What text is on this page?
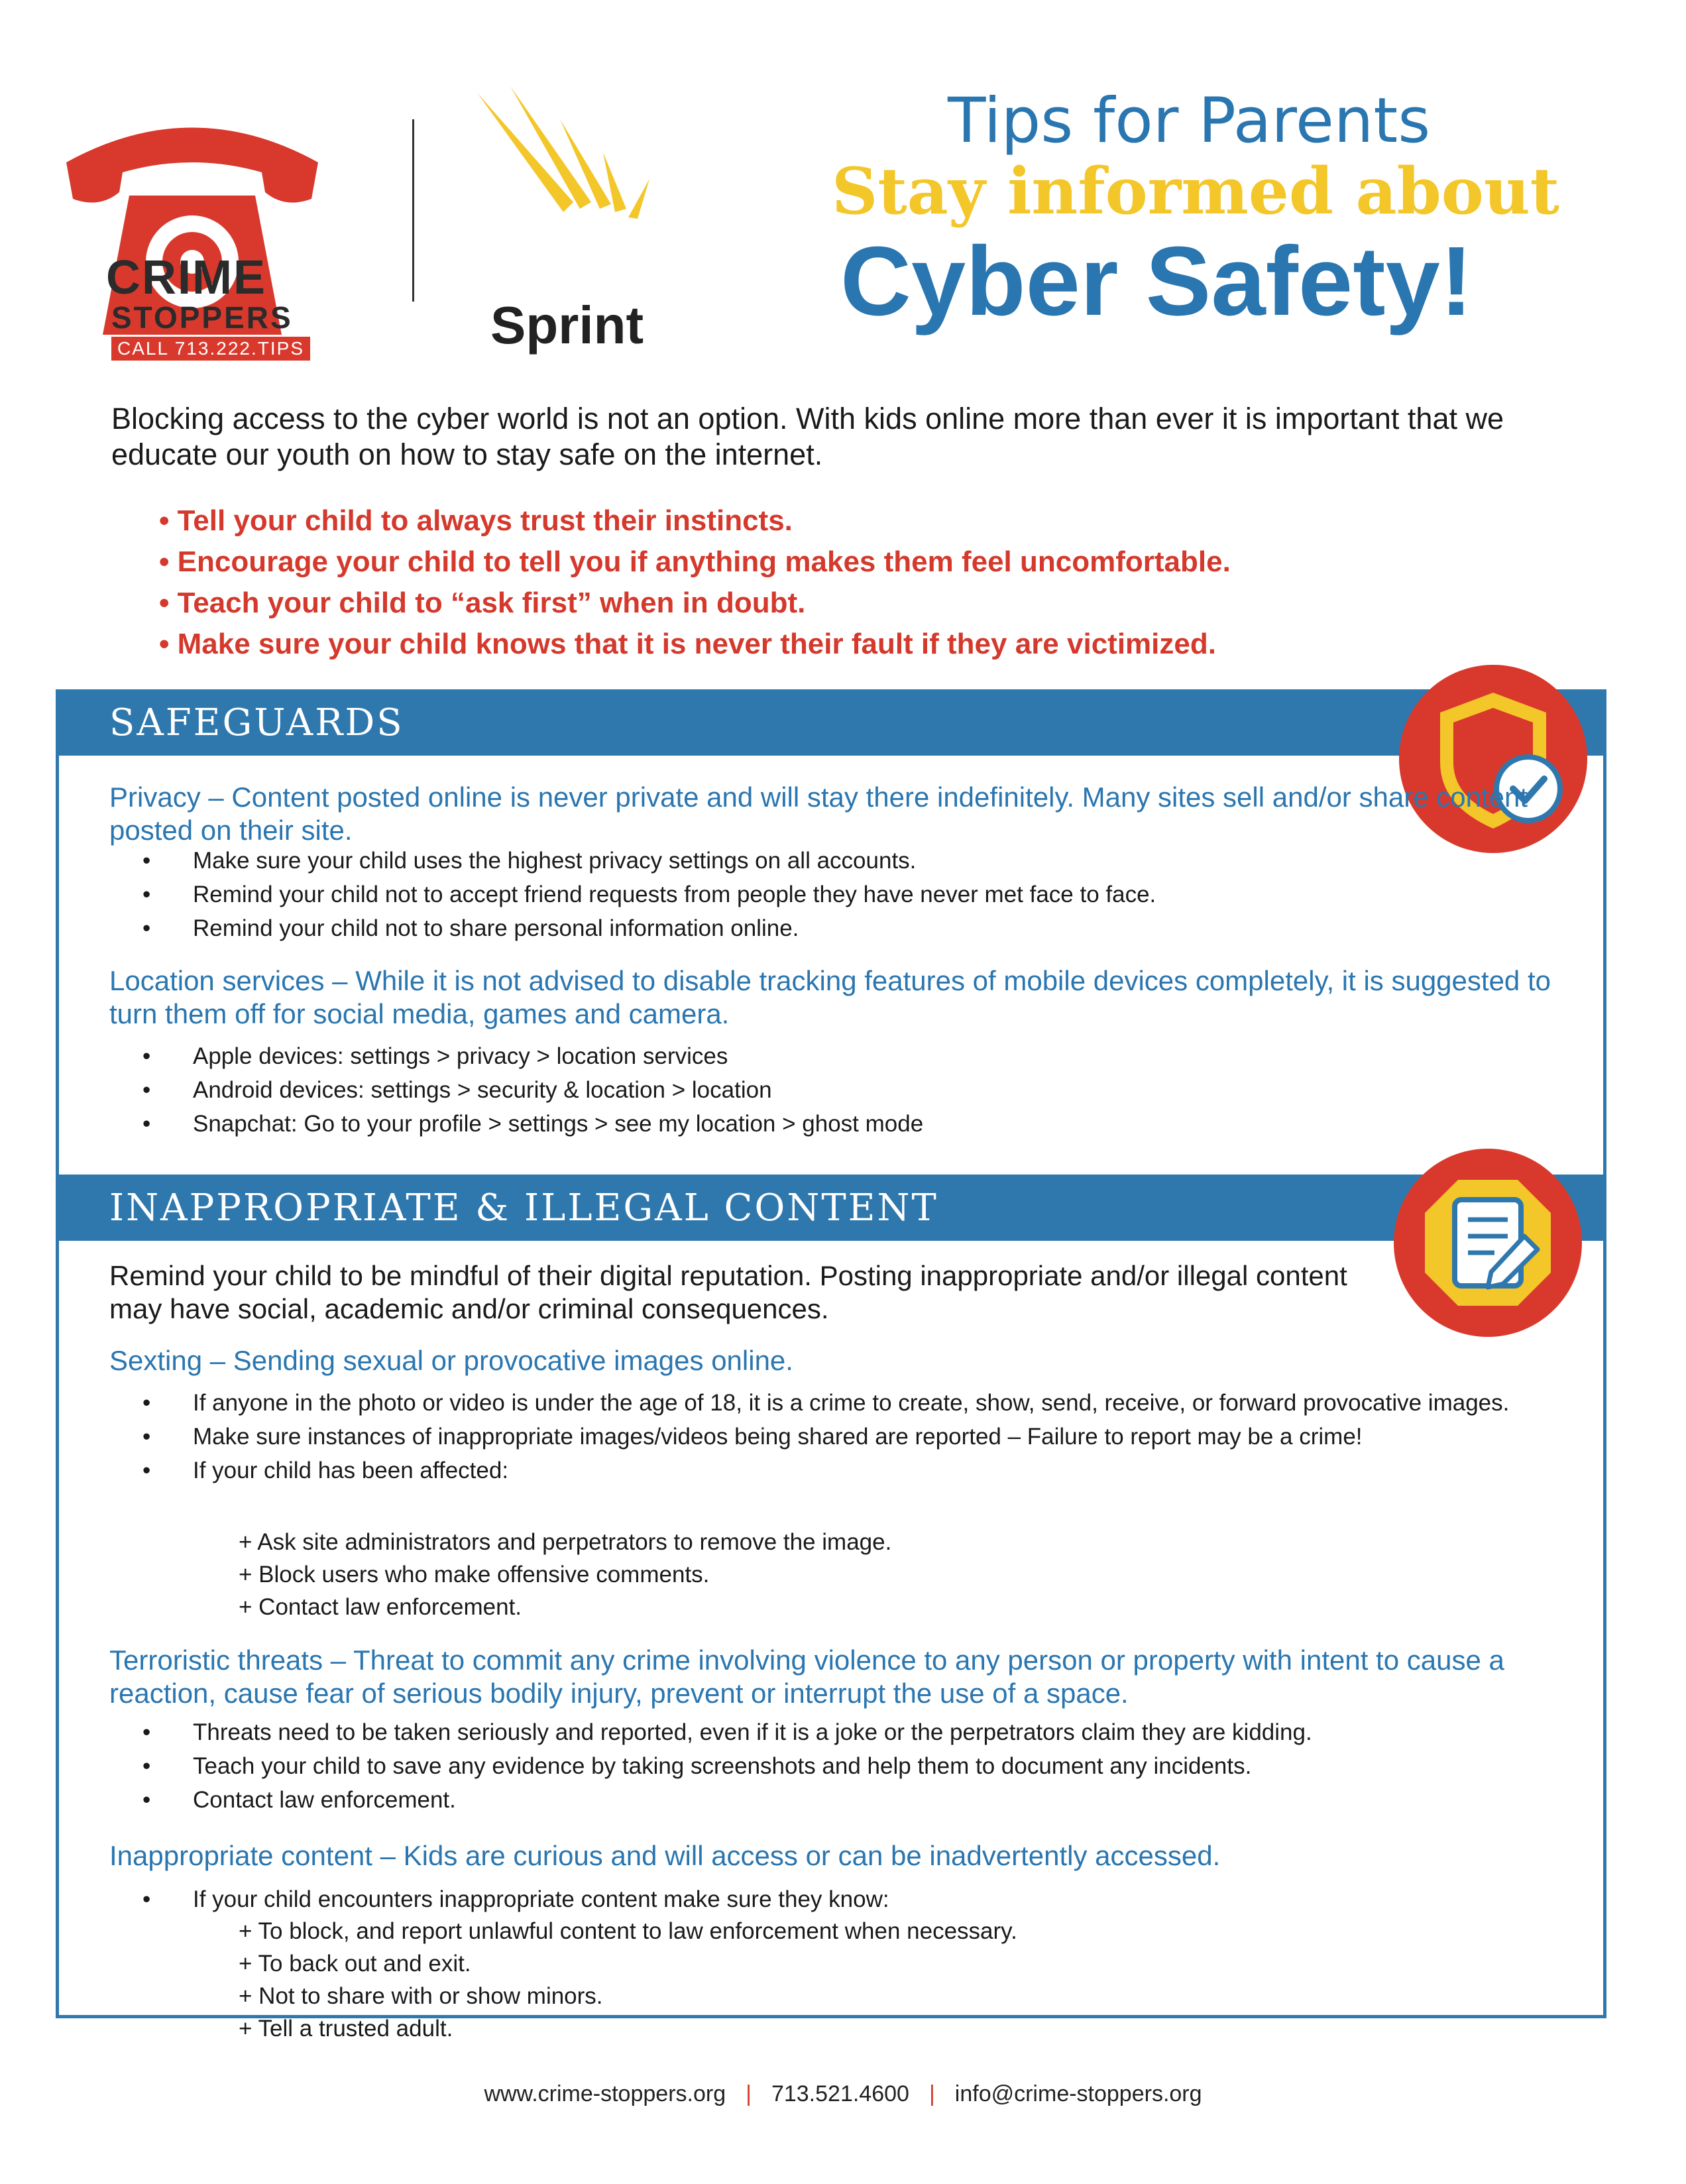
CRIME
STOPPERS
CALL 713.222.TIPS	Sprint
Tips for Parents
Stay informed about
Cyber Safety!
Blocking access to the cyber world is not an option. With kids online more than ever it is important that we educate our youth on how to stay safe on the internet.
• Tell your child to always trust their instincts.
• Encourage your child to tell you if anything makes them feel uncomfortable.
• Teach your child to “ask first” when in doubt.
• Make sure your child knows that it is never their fault if they are victimized.
SAFEGUARDS
Privacy – Content posted online is never private and will stay there indefinitely. Many sites sell and/or share content posted on their site.
• Make sure your child uses the highest privacy settings on all accounts.
• Remind your child not to accept friend requests from people they have never met face to face.
• Remind your child not to share personal information online.
Location services – While it is not advised to disable tracking features of mobile devices completely, it is suggested to turn them off for social media, games and camera.
• Apple devices: settings > privacy > location services
• Android devices: settings > security & location > location
• Snapchat: Go to your profile > settings > see my location > ghost mode
INAPPROPRIATE & ILLEGAL CONTENT
Remind your child to be mindful of their digital reputation. Posting inappropriate and/or illegal content may have social, academic and/or criminal consequences.
Sexting – Sending sexual or provocative images online.
• If anyone in the photo or video is under the age of 18, it is a crime to create, show, send, receive, or forward provocative images.
• Make sure instances of inappropriate images/videos being shared are reported – Failure to report may be a crime!
• If your child has been affected:
+ Ask site administrators and perpetrators to remove the image.
+ Block users who make offensive comments.
+ Contact law enforcement.
Terroristic threats – Threat to commit any crime involving violence to any person or property with intent to cause a reaction, cause fear of serious bodily injury, prevent or interrupt the use of a space.
• Threats need to be taken seriously and reported, even if it is a joke or the perpetrators claim they are kidding.
• Teach your child to save any evidence by taking screenshots and help them to document any incidents.
• Contact law enforcement.
Inappropriate content – Kids are curious and will access or can be inadvertently accessed.
• If your child encounters inappropriate content make sure they know:
+ To block, and report unlawful content to law enforcement when necessary.
+ To back out and exit.
+ Not to share with or show minors.
+ Tell a trusted adult.
www.crime-stoppers.org | 713.521.4600 | info@crime-stoppers.org
